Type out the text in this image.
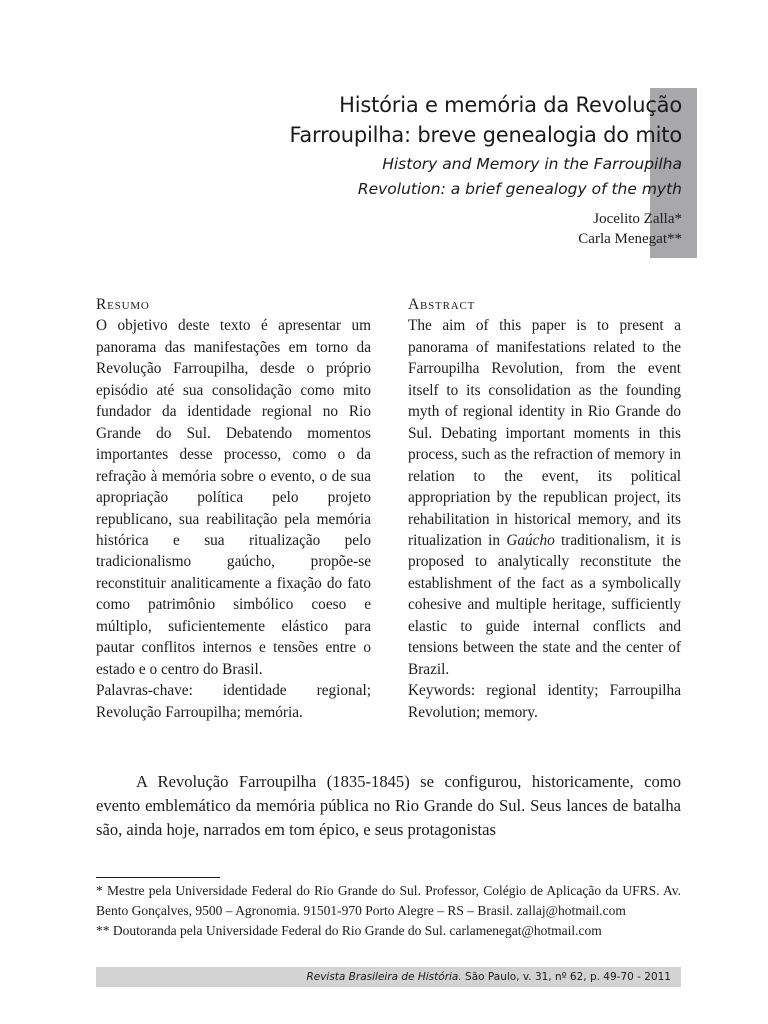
História e memória da Revolução
Farroupilha: breve genealogia do mito
History and Memory in the Farroupilha
Revolution: a brief genealogy of the myth
Jocelito Zalla*
Carla Menegat**
Resumo

O objetivo deste texto é apresentar um panorama das manifestações em torno da Revolução Farroupilha, desde o próprio episódio até sua consolidação como mito fundador da identidade regional no Rio Grande do Sul. Debatendo momentos importantes desse processo, como o da refração à memória sobre o evento, o de sua apropriação política pelo projeto republicano, sua reabilitação pela memória histórica e sua ritualização pelo tradicionalismo gaúcho, propõe-se reconstituir analiticamente a fixação do fato como patrimônio simbólico coeso e múltiplo, suficientemente elástico para pautar conflitos internos e tensões entre o estado e o centro do Brasil.

Palavras-chave: identidade regional; Revolução Farroupilha; memória.

Abstract

The aim of this paper is to present a panorama of manifestations related to the Farroupilha Revolution, from the event itself to its consolidation as the founding myth of regional identity in Rio Grande do Sul. Debating important moments in this process, such as the refraction of memory in relation to the event, its political appropriation by the republican project, its rehabilitation in historical memory, and its ritualization in Gaúcho traditionalism, it is proposed to analytically reconstitute the establishment of the fact as a symbolically cohesive and multiple heritage, sufficiently elastic to guide internal conflicts and tensions between the state and the center of Brazil.

Keywords: regional identity; Farroupilha Revolution; memory.

A Revolução Farroupilha (1835-1845) se configurou, historicamente, como evento emblemático da memória pública no Rio Grande do Sul. Seus lances de batalha são, ainda hoje, narrados em tom épico, e seus protagonistas

* Mestre pela Universidade Federal do Rio Grande do Sul. Professor, Colégio de Aplicação da UFRS. Av. Bento Gonçalves, 9500 – Agronomia. 91501-970 Porto Alegre – RS – Brasil. zallaj@hotmail.com

** Doutoranda pela Universidade Federal do Rio Grande do Sul. carlamenegat@hotmail.com

Revista Brasileira de História. São Paulo, v. 31, nº 62, p. 49-70 - 2011
